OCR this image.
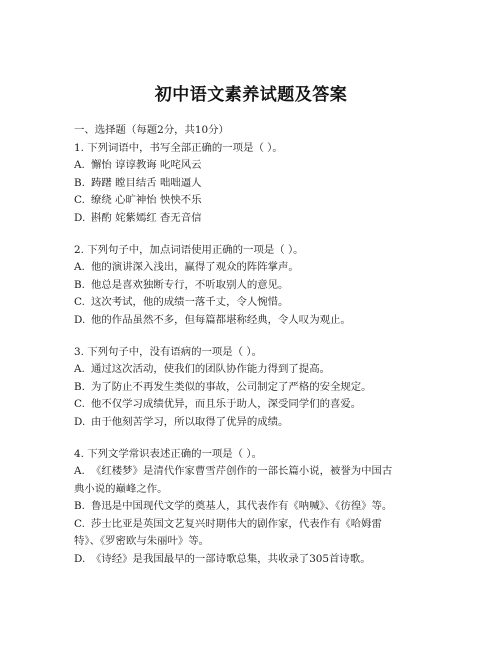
初中语文素养试题及答案
一、选择题（每题2分，共10分）
1. 下列词语中，书写全部正确的一项是（ ）。
A. 懈怡 谆谆教诲 叱咤风云
B. 踌躇 瞠目结舌 咄咄逼人
C. 缭绕 心旷神怡 怏怏不乐
D. 斟酌 姹紫嫣红 杳无音信
2. 下列句子中，加点词语使用正确的一项是（ ）。
A. 他的演讲深入浅出，赢得了观众的阵阵掌声。
B. 他总是喜欢独断专行，不听取别人的意见。
C. 这次考试，他的成绩一落千丈，令人惋惜。
D. 他的作品虽然不多，但每篇都堪称经典，令人叹为观止。
3. 下列句子中，没有语病的一项是（ ）。
A. 通过这次活动，使我们的团队协作能力得到了提高。
B. 为了防止不再发生类似的事故，公司制定了严格的安全规定。
C. 他不仅学习成绩优异，而且乐于助人，深受同学们的喜爱。
D. 由于他刻苦学习，所以取得了优异的成绩。
4. 下列文学常识表述正确的一项是（ ）。
A. 《红楼梦》是清代作家曹雪芹创作的一部长篇小说，被誉为中国古
典小说的巅峰之作。
B. 鲁迅是中国现代文学的奠基人，其代表作有《呐喊》、《彷徨》等。
C. 莎士比亚是英国文艺复兴时期伟大的剧作家，代表作有《哈姆雷
特》、《罗密欧与朱丽叶》等。
D. 《诗经》是我国最早的一部诗歌总集，共收录了305首诗歌。
